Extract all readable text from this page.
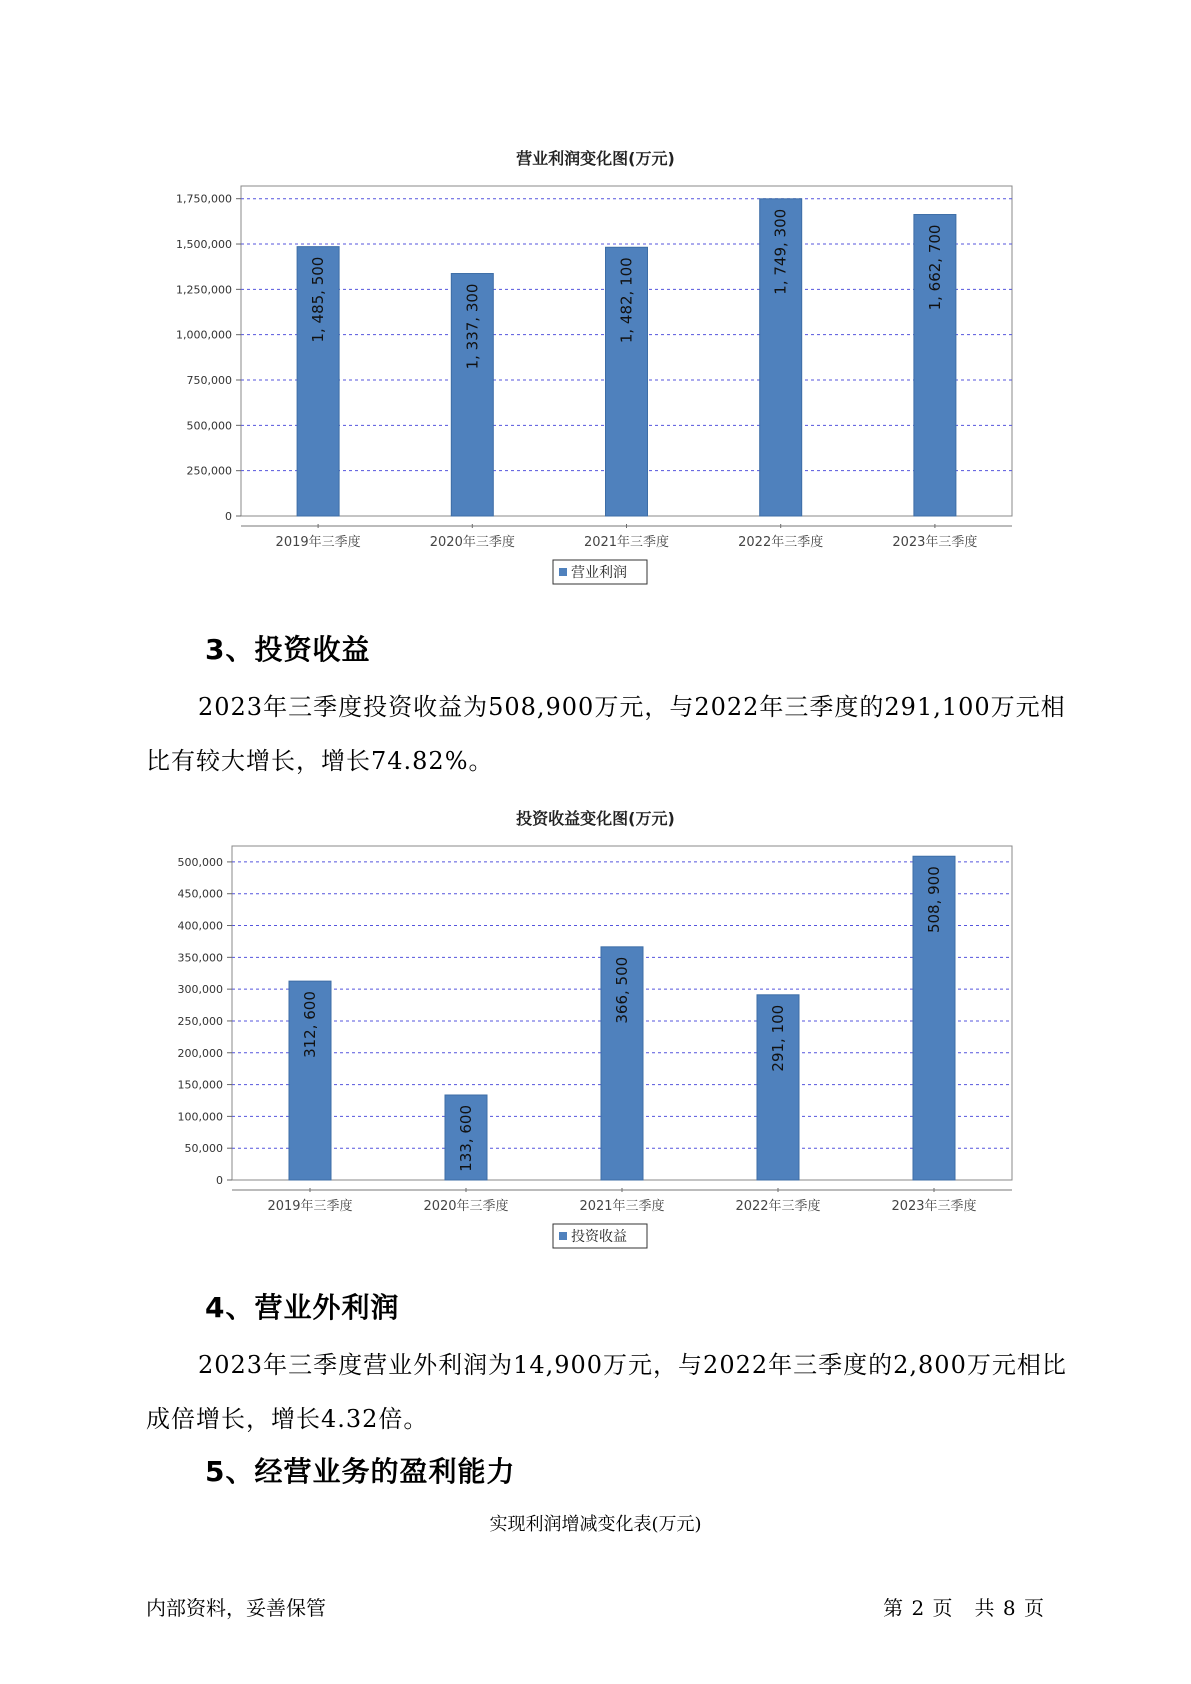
营业利润变化图(万元)
0
250,000
500,000
750,000
1,000,000
1,250,000
1,500,000
1,750,000
1, 485, 500
2019年三季度
1, 337, 300
2020年三季度
1, 482, 100
2021年三季度
1, 749, 300
2022年三季度
1, 662, 700
2023年三季度
营业利润
3、投资收益
2023年三季度投资收益为508,900万元，与2022年三季度的291,100万元相比有较大增长，增长74.82%。
投资收益变化图(万元)
0
50,000
100,000
150,000
200,000
250,000
300,000
350,000
400,000
450,000
500,000
312, 600
2019年三季度
133, 600
2020年三季度
366, 500
2021年三季度
291, 100
2022年三季度
508, 900
2023年三季度
投资收益
4、营业外利润
2023年三季度营业外利润为14,900万元，与2022年三季度的2,800万元相比成倍增长，增长4.32倍。
5、经营业务的盈利能力
实现利润增减变化表(万元)
内部资料，妥善保管	第 2 页　共 8 页
